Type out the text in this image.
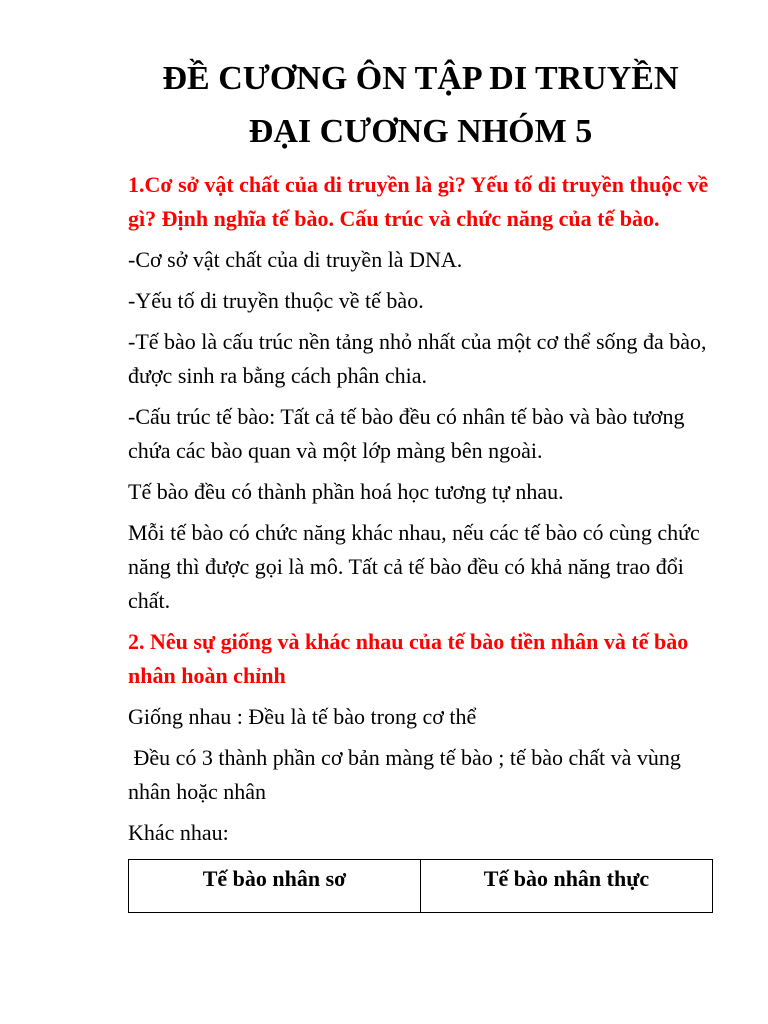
ĐỀ CƯƠNG ÔN TẬP DI TRUYỀN
ĐẠI CƯƠNG NHÓM 5

1.Cơ sở vật chất của di truyền là gì? Yếu tố di truyền thuộc về gì? Định nghĩa tế bào. Cấu trúc và chức năng của tế bào.

-Cơ sở vật chất của di truyền là DNA.

-Yếu tố di truyền thuộc về tế bào.

-Tế bào là cấu trúc nền tảng nhỏ nhất của một cơ thể sống đa bào, được sinh ra bằng cách phân chia.

-Cấu trúc tế bào: Tất cả tế bào đều có nhân tế bào và bào tương chứa các bào quan và một lớp màng bên ngoài.

Tế bào đều có thành phần hoá học tương tự nhau.

Mỗi tế bào có chức năng khác nhau, nếu các tế bào có cùng chức năng thì được gọi là mô. Tất cả tế bào đều có khả năng trao đổi chất.

2. Nêu sự giống và khác nhau của tế bào tiền nhân và tế bào nhân hoàn chỉnh

Giống nhau : Đều là tế bào trong cơ thể

Đều có 3 thành phần cơ bản màng tế bào ; tế bào chất và vùng nhân hoặc nhân

Khác nhau:

Tế bào nhân sơ	Tế bào nhân thực
